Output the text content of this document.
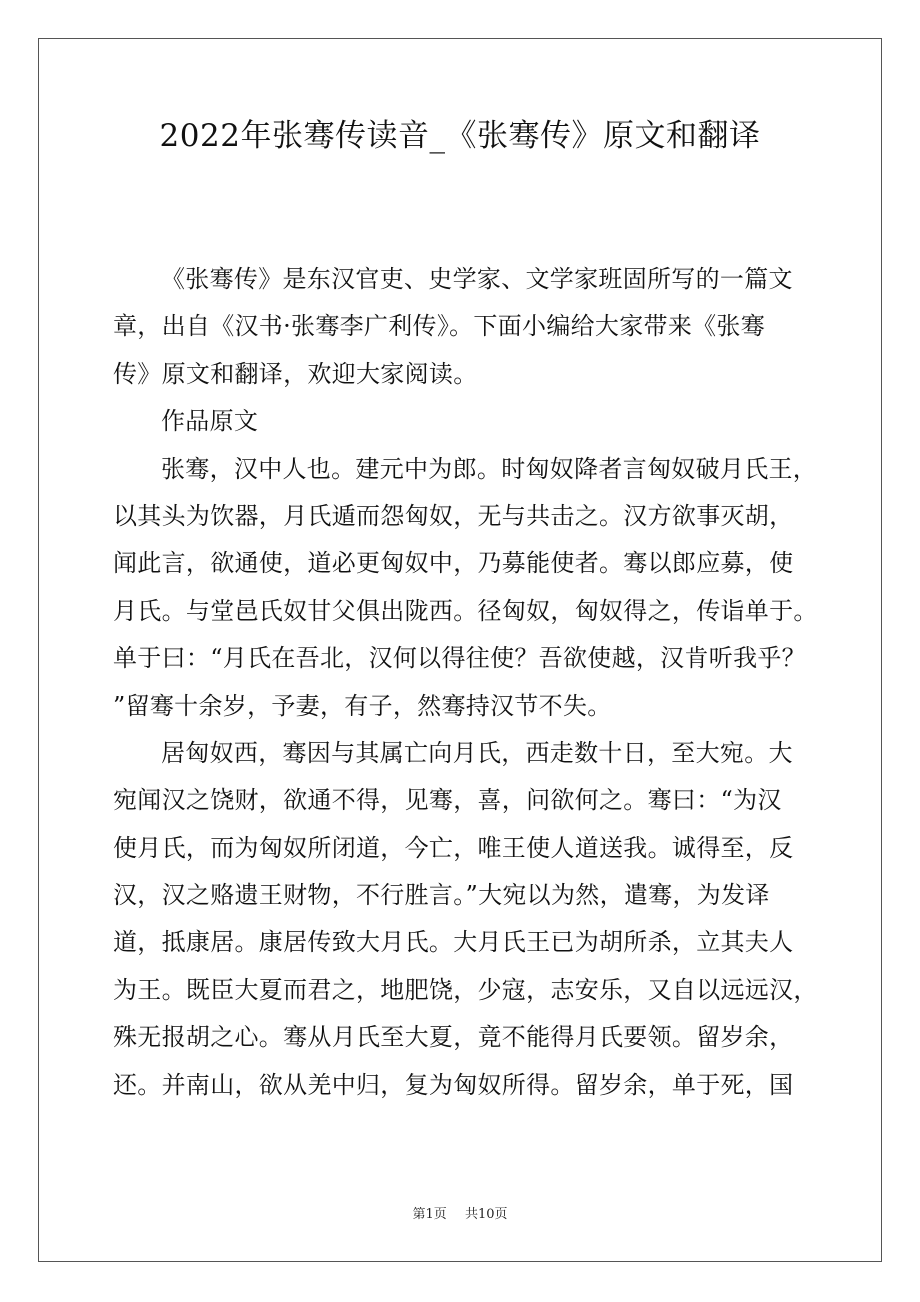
2022年张骞传读音_《张骞传》原文和翻译
《张骞传》是东汉官吏、史学家、文学家班固所写的一篇文
章，出自《汉书·张骞李广利传》。下面小编给大家带来《张骞
传》原文和翻译，欢迎大家阅读。
作品原文
张骞，汉中人也。建元中为郎。时匈奴降者言匈奴破月氏王，
以其头为饮器，月氏遁而怨匈奴，无与共击之。汉方欲事灭胡，
闻此言，欲通使，道必更匈奴中，乃募能使者。骞以郎应募，使
月氏。与堂邑氏奴甘父俱出陇西。径匈奴，匈奴得之，传诣单于。
单于曰：“月氏在吾北，汉何以得往使？吾欲使越，汉肯听我乎？
”留骞十余岁，予妻，有子，然骞持汉节不失。
居匈奴西，骞因与其属亡向月氏，西走数十日，至大宛。大
宛闻汉之饶财，欲通不得，见骞，喜，问欲何之。骞曰：“为汉
使月氏，而为匈奴所闭道，今亡，唯王使人道送我。诚得至，反
汉，汉之赂遗王财物，不行胜言。”大宛以为然，遣骞，为发译
道，抵康居。康居传致大月氏。大月氏王已为胡所杀，立其夫人
为王。既臣大夏而君之，地肥饶，少寇，志安乐，又自以远远汉，
殊无报胡之心。骞从月氏至大夏，竟不能得月氏要领。留岁余，
还。并南山，欲从羌中归，复为匈奴所得。留岁余，单于死，国
第1页 共10页
